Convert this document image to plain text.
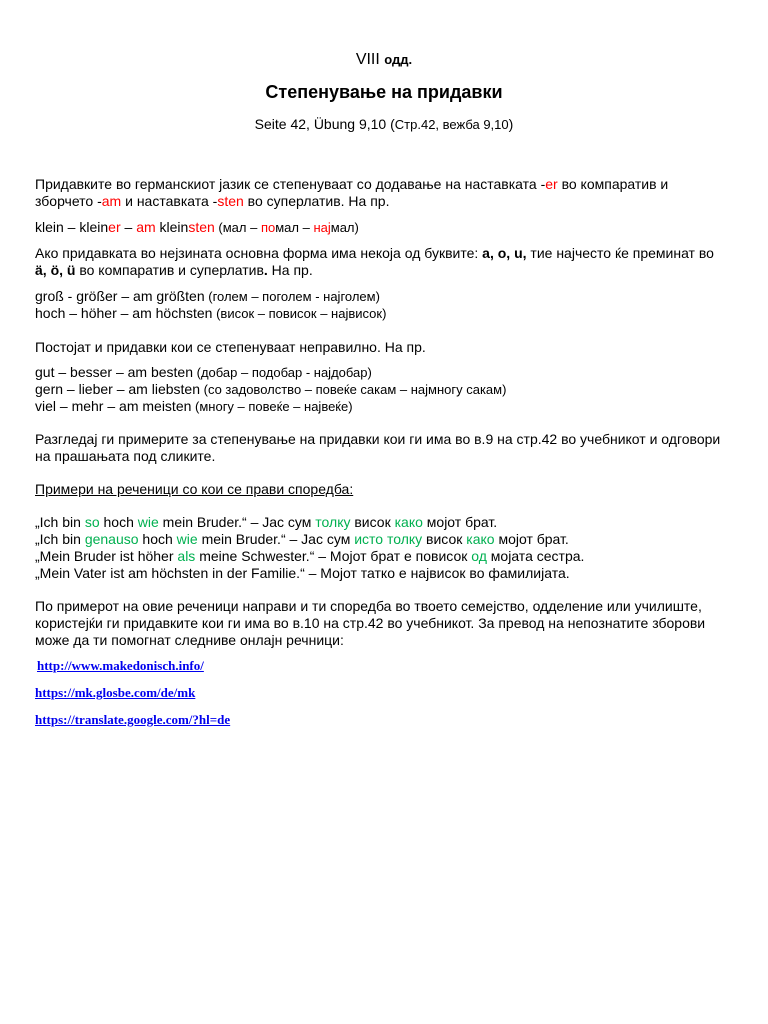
VIII одд.
Степенување на придавки
Seite 42, Übung 9,10 (Стр.42, вежба 9,10)
Придавките во германскиот јазик се степенуваат со додавање на наставката -er во компаратив и
зборчето -am и наставката -sten во суперлатив. На пр.
klein – kleiner – am kleinsten (мал – помал – најмал)
Ако придавката во нејзината основна форма има некоја од буквите: a, o, u, тие најчесто ќе преминат во
ä, ö, ü во компаратив и суперлатив. На пр.
groß - größer – am größten (голем – поголем - најголем)
hoch – höher – am höchsten (висок – повисок – највисок)
Постојат и придавки кои се степенуваат неправилно. На пр.
gut – besser – am besten (добар – подобар - најдобар)
gern – lieber – am liebsten (со задоволство – повеќе сакам – најмногу сакам)
viel – mehr – am meisten (многу – повеќе – највеќе)
Разгледај ги примерите за степенување на придавки кои ги има во в.9 на стр.42 во учебникот и одговори
на прашањата под сликите.
Примери на реченици со кои се прави споредба:
„Ich bin so hoch wie mein Bruder.“ – Јас сум толку висок како мојот брат.
„Ich bin genauso hoch wie mein Bruder.“ – Јас сум исто толку висок како мојот брат.
„Mein Bruder ist höher als meine Schwester.“ – Мојот брат е повисок од мојата сестра.
„Mein Vater ist am höchsten in der Familie.“ – Мојот татко е највисок во фамилијата.
По примерот на овие реченици направи и ти споредба во твоето семејство, одделение или училиште,
користејќи ги придавките кои ги има во в.10 на стр.42 во учебникот. За превод на непознатите зборови
може да ти помогнат следниве онлајн речници:
http://www.makedonisch.info/
https://mk.glosbe.com/de/mk
https://translate.google.com/?hl=de
